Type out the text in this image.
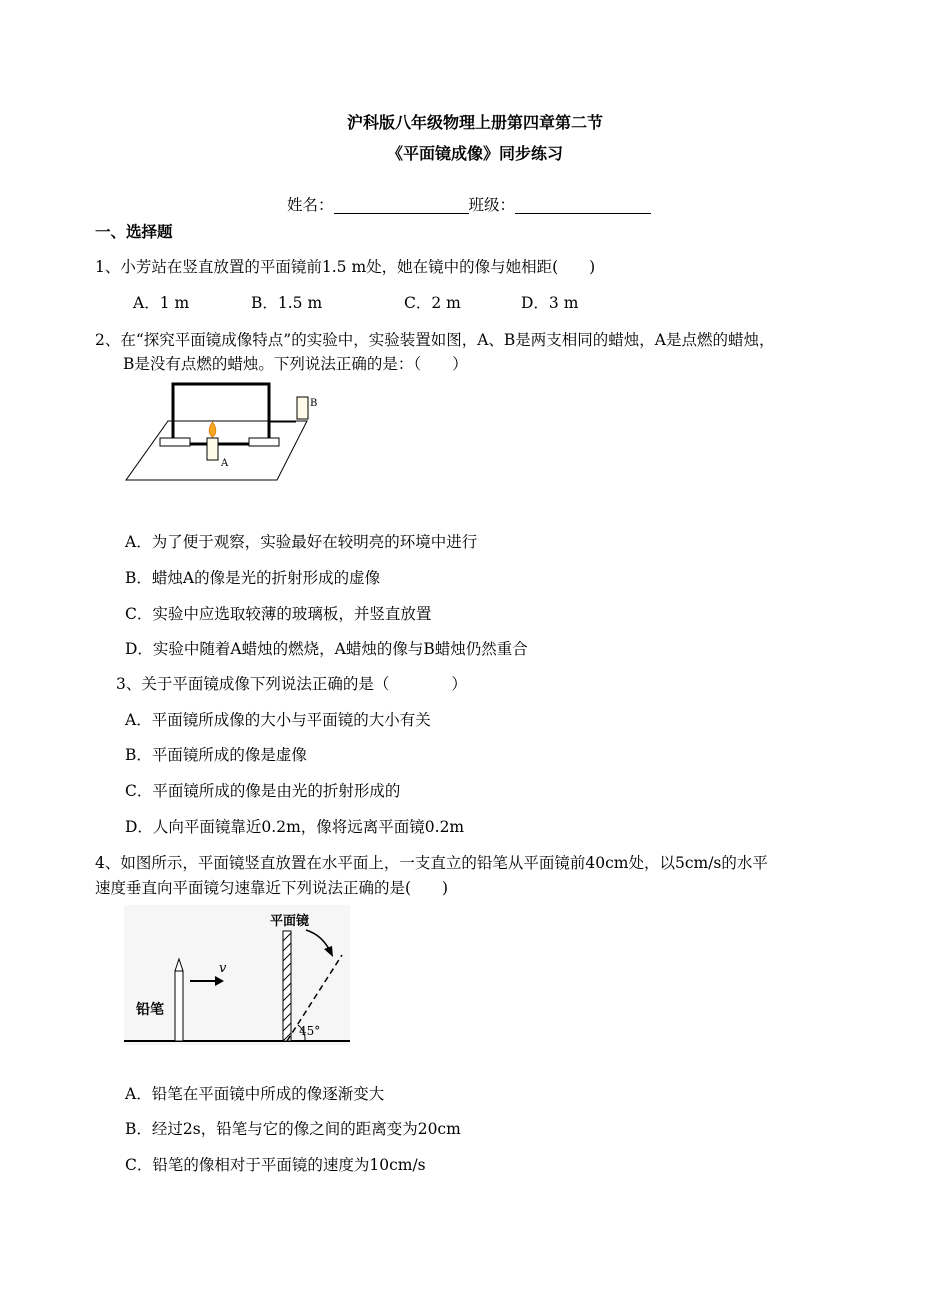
沪科版八年级物理上册第四章第二节
《平面镜成像》同步练习
姓名：	班级：
一、选择题
1、小芳站在竖直放置的平面镜前1.5 m处，她在镜中的像与她相距(　　)
A．1 m	B．1.5 m	C．2 m	D．3 m
2、在“探究平面镜成像特点”的实验中，实验装置如图，A、B是两支相同的蜡烛，A是点燃的蜡烛，
B是没有点燃的蜡烛。下列说法正确的是：（　　）
A
B
A．为了便于观察，实验最好在较明亮的环境中进行
B．蜡烛A的像是光的折射形成的虚像
C．实验中应选取较薄的玻璃板，并竖直放置
D．实验中随着A蜡烛的燃烧，A蜡烛的像与B蜡烛仍然重合
3、关于平面镜成像下列说法正确的是（　　　　）
A．平面镜所成像的大小与平面镜的大小有关
B．平面镜所成的像是虚像
C．平面镜所成的像是由光的折射形成的
D．人向平面镜靠近0.2m，像将远离平面镜0.2m
4、如图所示，平面镜竖直放置在水平面上，一支直立的铅笔从平面镜前40cm处，以5cm/s的水平
速度垂直向平面镜匀速靠近下列说法正确的是(　　)
平面镜
45°
铅笔
v
A．铅笔在平面镜中所成的像逐渐变大
B．经过2s，铅笔与它的像之间的距离变为20cm
C．铅笔的像相对于平面镜的速度为10cm/s
